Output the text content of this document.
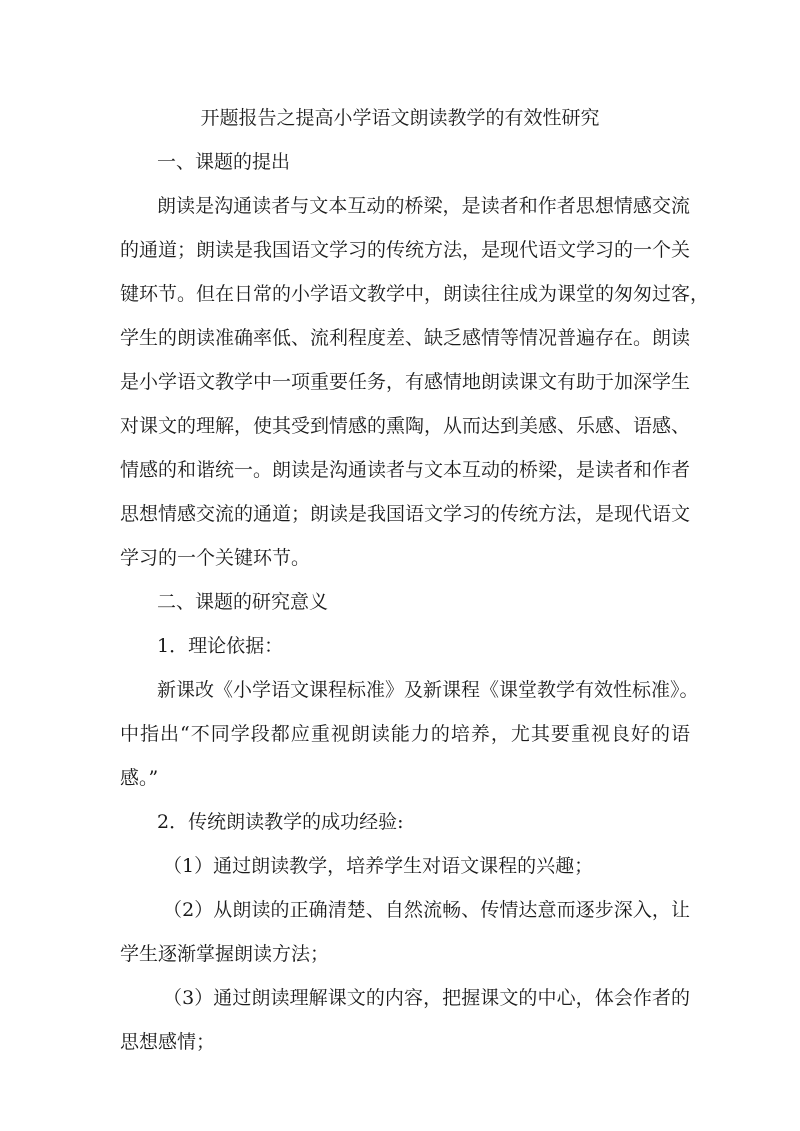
开题报告之提高小学语文朗读教学的有效性研究
一、课题的提出
朗读是沟通读者与文本互动的桥梁，是读者和作者思想情感交流
的通道；朗读是我国语文学习的传统方法，是现代语文学习的一个关
键环节。但在日常的小学语文教学中，朗读往往成为课堂的匆匆过客，
学生的朗读准确率低、流利程度差、缺乏感情等情况普遍存在。朗读
是小学语文教学中一项重要任务，有感情地朗读课文有助于加深学生
对课文的理解，使其受到情感的熏陶，从而达到美感、乐感、语感、
情感的和谐统一。朗读是沟通读者与文本互动的桥梁，是读者和作者
思想情感交流的通道；朗读是我国语文学习的传统方法，是现代语文
学习的一个关键环节。
二、课题的研究意义
1．理论依据：
新课改《小学语文课程标准》及新课程《课堂教学有效性标准》。
中指出“不同学段都应重视朗读能力的培养，尤其要重视良好的语
感。”
2．传统朗读教学的成功经验:
（1）通过朗读教学，培养学生对语文课程的兴趣；
（2）从朗读的正确清楚、自然流畅、传情达意而逐步深入，让
学生逐渐掌握朗读方法；
（3）通过朗读理解课文的内容，把握课文的中心，体会作者的
思想感情；
